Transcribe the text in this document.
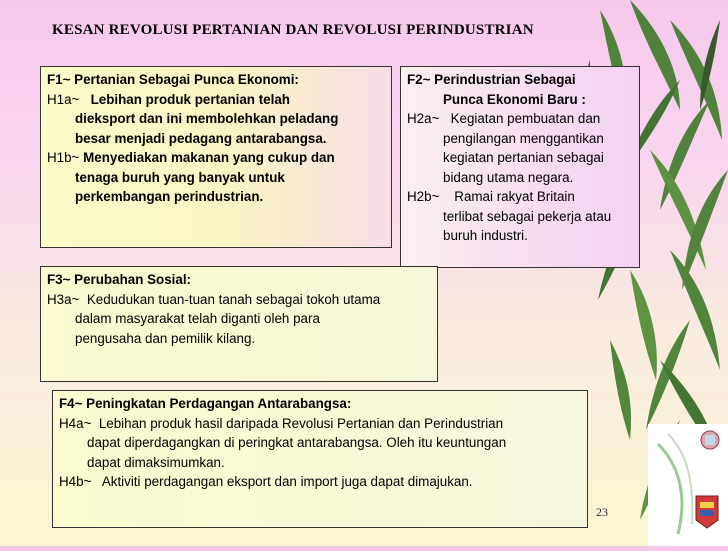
KESAN REVOLUSI PERTANIAN DAN REVOLUSI PERINDUSTRIAN
F1~ Pertanian Sebagai Punca Ekonomi:
H1a~ Lebihan produk pertanian telah
dieksport dan ini membolehkan peladang
besar menjadi pedagang antarabangsa.
H1b~ Menyediakan makanan yang cukup dan
tenaga buruh yang banyak untuk
perkembangan perindustrian.
F2~ Perindustrian Sebagai
Punca Ekonomi Baru :
H2a~ Kegiatan pembuatan dan
pengilangan menggantikan
kegiatan pertanian sebagai
bidang utama negara.
H2b~ Ramai rakyat Britain
terlibat sebagai pekerja atau
buruh industri.
F3~ Perubahan Sosial:
H3a~ Kedudukan tuan-tuan tanah sebagai tokoh utama
dalam masyarakat telah diganti oleh para
pengusaha dan pemilik kilang.
F4~ Peningkatan Perdagangan Antarabangsa:
H4a~ Lebihan produk hasil daripada Revolusi Pertanian dan Perindustrian
dapat diperdagangkan di peringkat antarabangsa. Oleh itu keuntungan
dapat dimaksimumkan.
H4b~ Aktiviti perdagangan eksport dan import juga dapat dimajukan.
23
